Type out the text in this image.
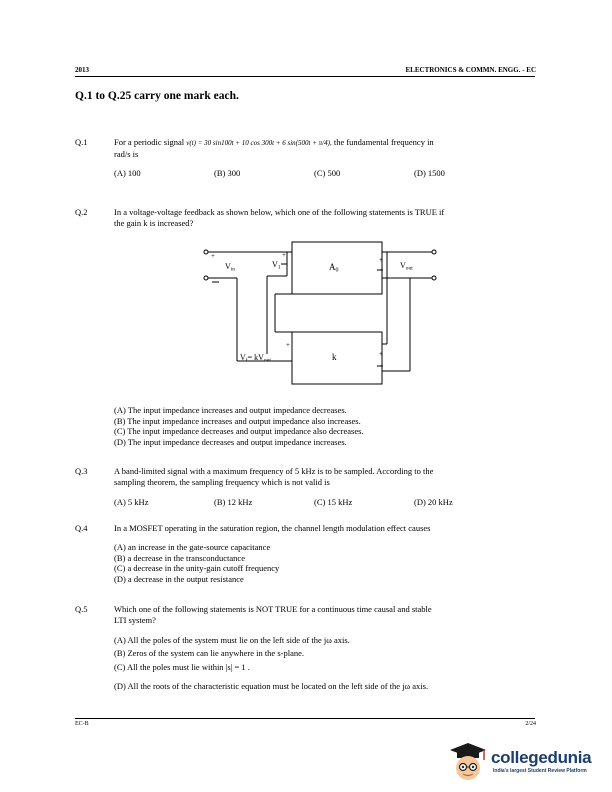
2013	ELECTRONICS & COMMN. ENGG. - EC
Q.1 to Q.25 carry one mark each.
Q.1	For a periodic signal v(t) = 30 sin100t + 10 cos 300t + 6 sin(500t + π/4), the fundamental frequency in
rad/s is
(A) 100	(B) 300	(C) 500	(D) 1500
Q.2	In a voltage-voltage feedback as shown below, which one of the following statements is TRUE if
the gain k is increased?
+
Vin
+
V1	A0
+
Vout
k
+
Vf= kVout
+
(A) The input impedance increases and output impedance decreases.
(B) The input impedance increases and output impedance also increases.
(C) The input impedance decreases and output impedance also decreases.
(D) The input impedance decreases and output impedance increases.
Q.3	A band-limited signal with a maximum frequency of 5 kHz is to be sampled. According to the
sampling theorem, the sampling frequency which is not valid is
(A) 5 kHz	(B) 12 kHz	(C) 15 kHz	(D) 20 kHz
Q.4	In a MOSFET operating in the saturation region, the channel length modulation effect causes
(A) an increase in the gate-source capacitance
(B) a decrease in the transconductance
(C) a decrease in the unity-gain cutoff frequency
(D) a decrease in the output resistance
Q.5	Which one of the following statements is NOT TRUE for a continuous time causal and stable
LTI system?
(A) All the poles of the system must lie on the left side of the jω axis.
(B) Zeros of the system can lie anywhere in the s-plane.
(C) All the poles must lie within |s| = 1 .
(D) All the roots of the characteristic equation must be located on the left side of the jω axis.
EC-B	2/24
collegedunia
India's largest Student Review Platform
